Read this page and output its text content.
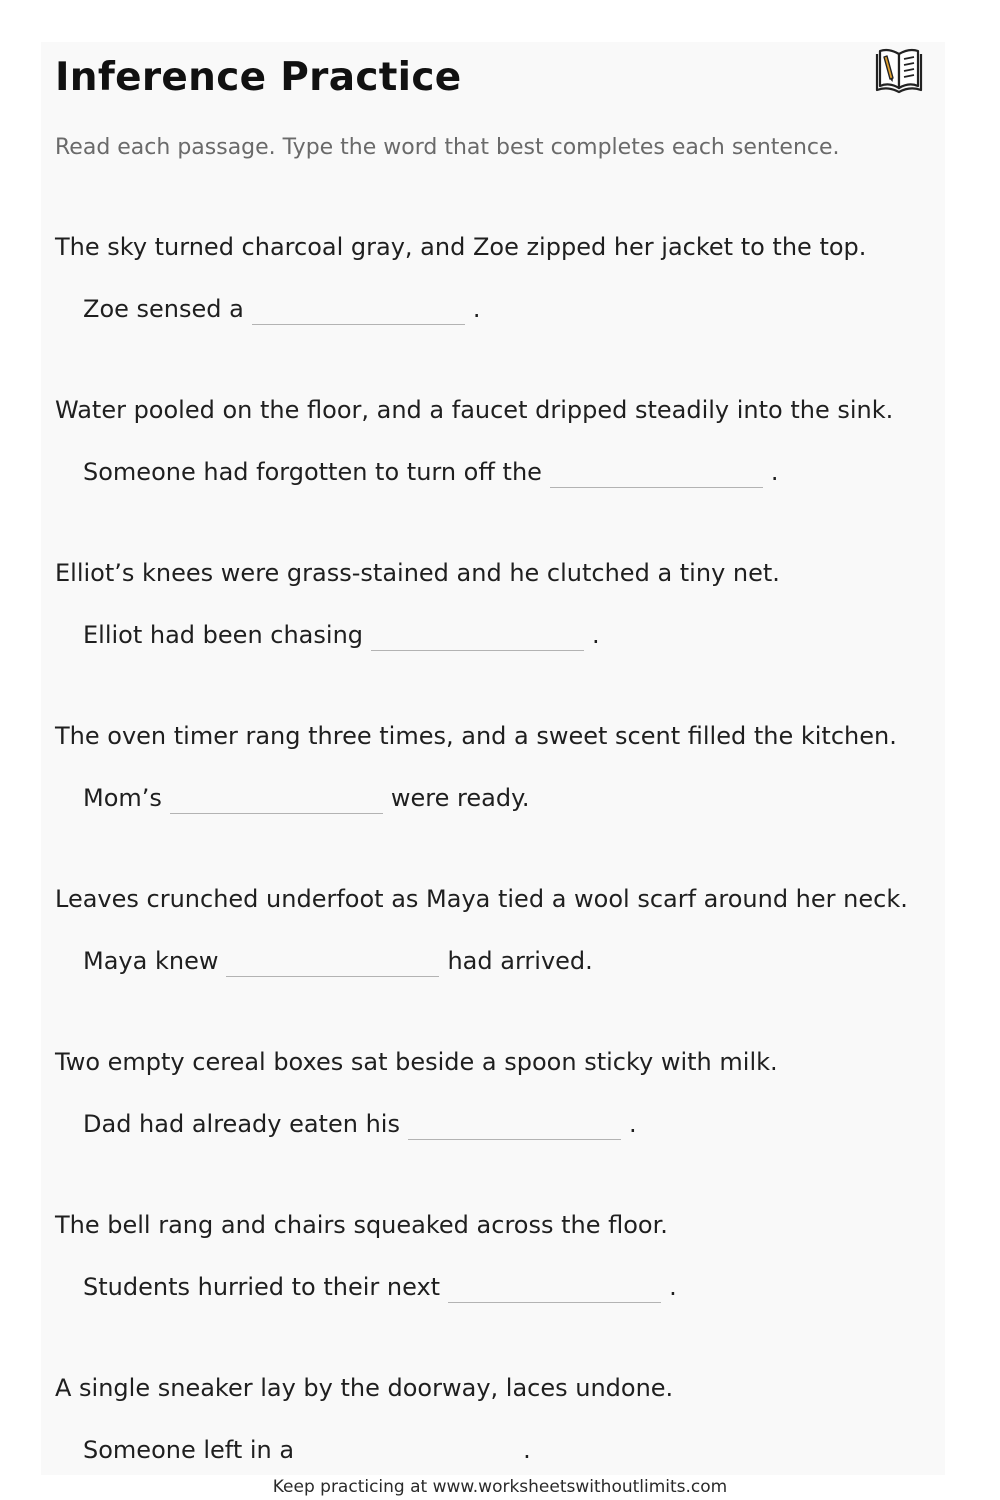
Inference Practice

Read each passage. Type the word that best completes each sentence.

The sky turned charcoal gray, and Zoe zipped her jacket to the top.
Zoe sensed a	.
Water pooled on the floor, and a faucet dripped steadily into the sink.
Someone had forgotten to turn off the	.
Elliot’s knees were grass-stained and he clutched a tiny net.
Elliot had been chasing	.
The oven timer rang three times, and a sweet scent filled the kitchen.
Mom’s	were ready.
Leaves crunched underfoot as Maya tied a wool scarf around her neck.
Maya knew	had arrived.
Two empty cereal boxes sat beside a spoon sticky with milk.
Dad had already eaten his	.
The bell rang and chairs squeaked across the floor.
Students hurried to their next	.
A single sneaker lay by the doorway, laces undone.
Someone left in a	.
Keep practicing at www.worksheetswithoutlimits.com
